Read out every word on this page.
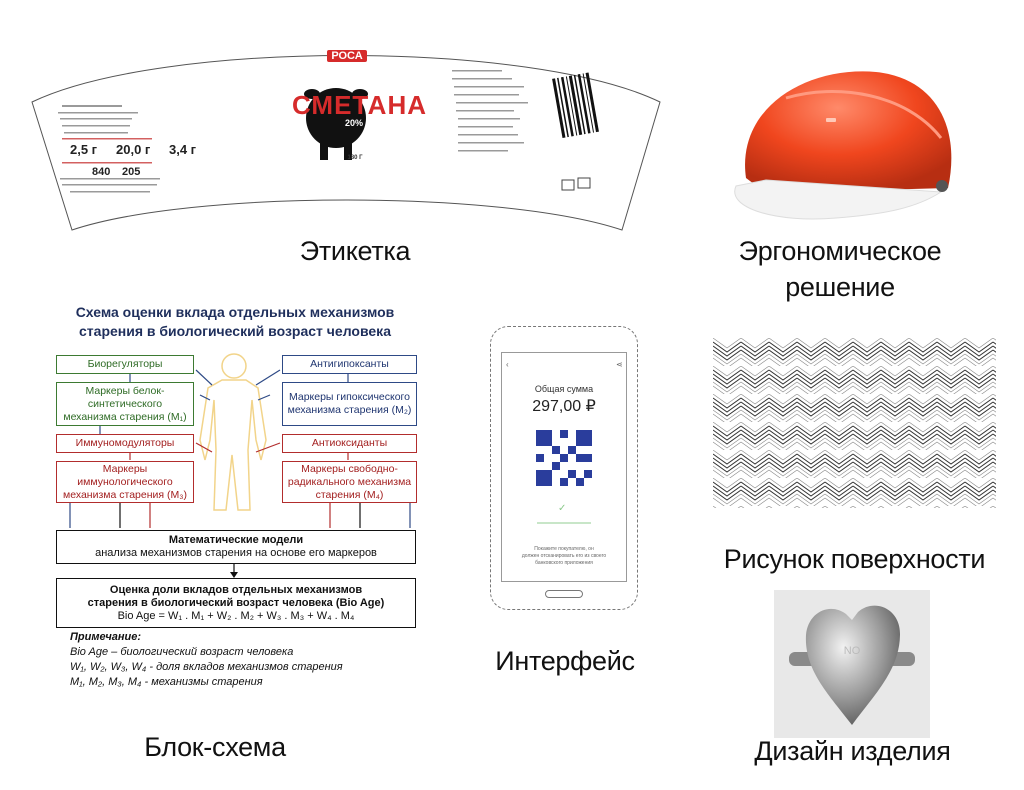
РОСА
СМЕТАНА
20%
180 Г
2,5 г 20,0 г 3,4 г
840 205
Этикетка	Эргономическое
решение
Схема оценки вклада отдельных механизмов
старения в биологический возраст человека
Биорегуляторы
Маркеры белок-синтетического механизма старения (М₁)
Иммуномодуляторы
Маркеры иммунологического механизма старения (М₃)
Антигипоксанты
Маркеры гипоксического механизма старения (М₂)
Антиоксиданты
Маркеры свободно-радикального механизма старения (М₄)
Математические модели
анализа механизмов старения на основе его маркеров
Оценка доли вкладов отдельных механизмов
старения в биологический возраст человека (Bio Age)
Bio Age = W₁ . M₁ + W₂ . M₂ + W₃ . M₃ + W₄ . M₄
Примечание:
Bio Age – биологический возраст человека
W₁, W₂, W₃, W₄ - доля вкладов механизмов старения
M₁, M₂, M₃, M₄ - механизмы старения
Блок-схема
‹	⋖
Общая сумма
297,00 ₽
✓
Покажите покупателю, он
должен отсканировать его из своего
банковского приложения
Интерфейс
Рисунок поверхности
NO
Дизайн изделия
